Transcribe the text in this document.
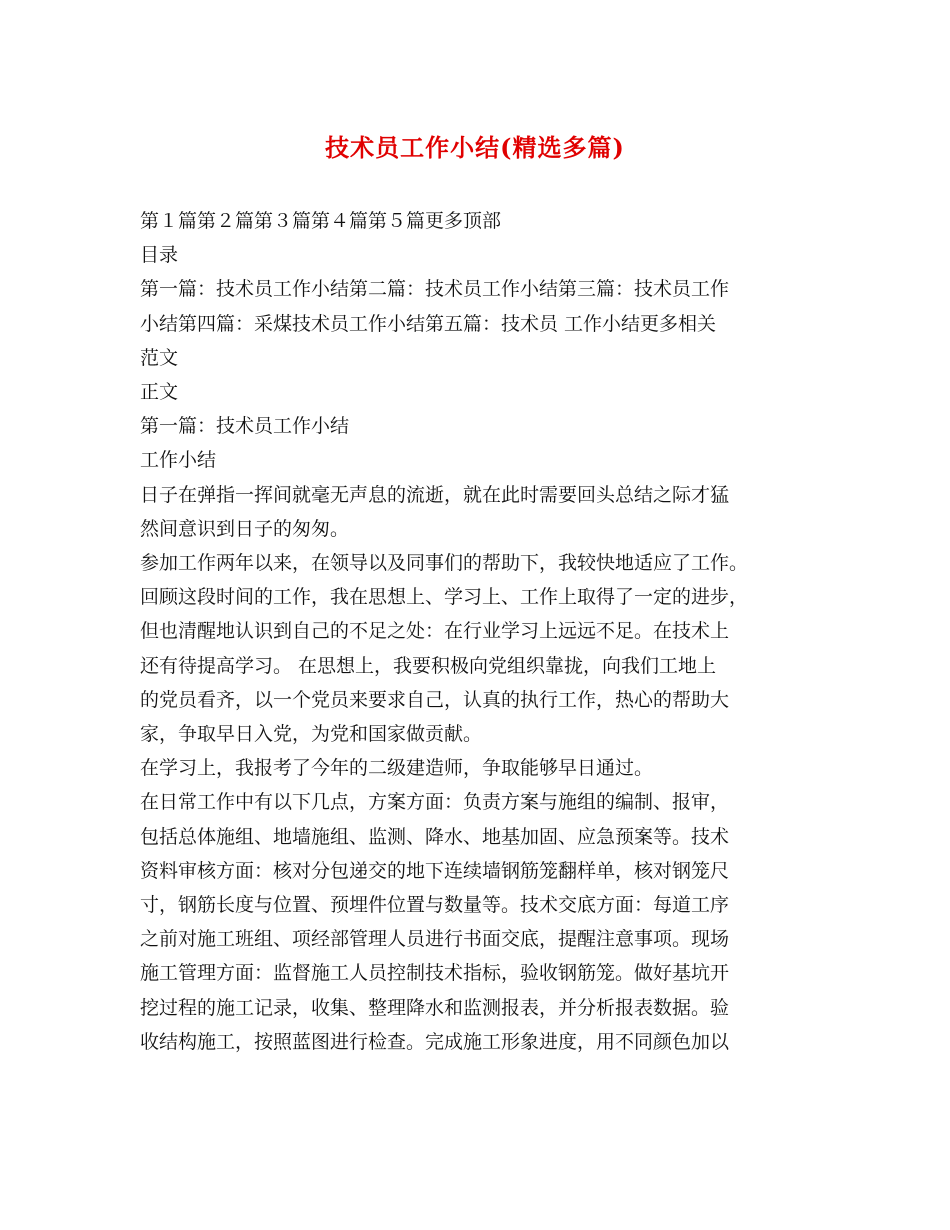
技术员工作小结(精选多篇)

第１篇第２篇第３篇第４篇第５篇更多顶部

目录

第一篇：技术员工作小结第二篇：技术员工作小结第三篇：技术员工作

小结第四篇：采煤技术员工作小结第五篇：技术员 工作小结更多相关

范文

正文

第一篇：技术员工作小结

工作小结

日子在弹指一挥间就毫无声息的流逝，就在此时需要回头总结之际才猛

然间意识到日子的匆匆。

参加工作两年以来，在领导以及同事们的帮助下，我较快地适应了工作。

回顾这段时间的工作，我在思想上、学习上、工作上取得了一定的进步，

但也清醒地认识到自己的不足之处：在行业学习上远远不足。在技术上

还有待提高学习。 在思想上，我要积极向党组织靠拢，向我们工地上

的党员看齐，以一个党员来要求自己，认真的执行工作，热心的帮助大

家，争取早日入党，为党和国家做贡献。

在学习上，我报考了今年的二级建造师，争取能够早日通过。

在日常工作中有以下几点，方案方面：负责方案与施组的编制、报审，

包括总体施组、地墙施组、监测、降水、地基加固、应急预案等。技术

资料审核方面：核对分包递交的地下连续墙钢筋笼翻样单，核对钢笼尺

寸，钢筋长度与位置、预埋件位置与数量等。技术交底方面：每道工序

之前对施工班组、项经部管理人员进行书面交底，提醒注意事项。现场

施工管理方面：监督施工人员控制技术指标，验收钢筋笼。做好基坑开

挖过程的施工记录，收集、整理降水和监测报表，并分析报表数据。验

收结构施工，按照蓝图进行检查。完成施工形象进度，用不同颜色加以
